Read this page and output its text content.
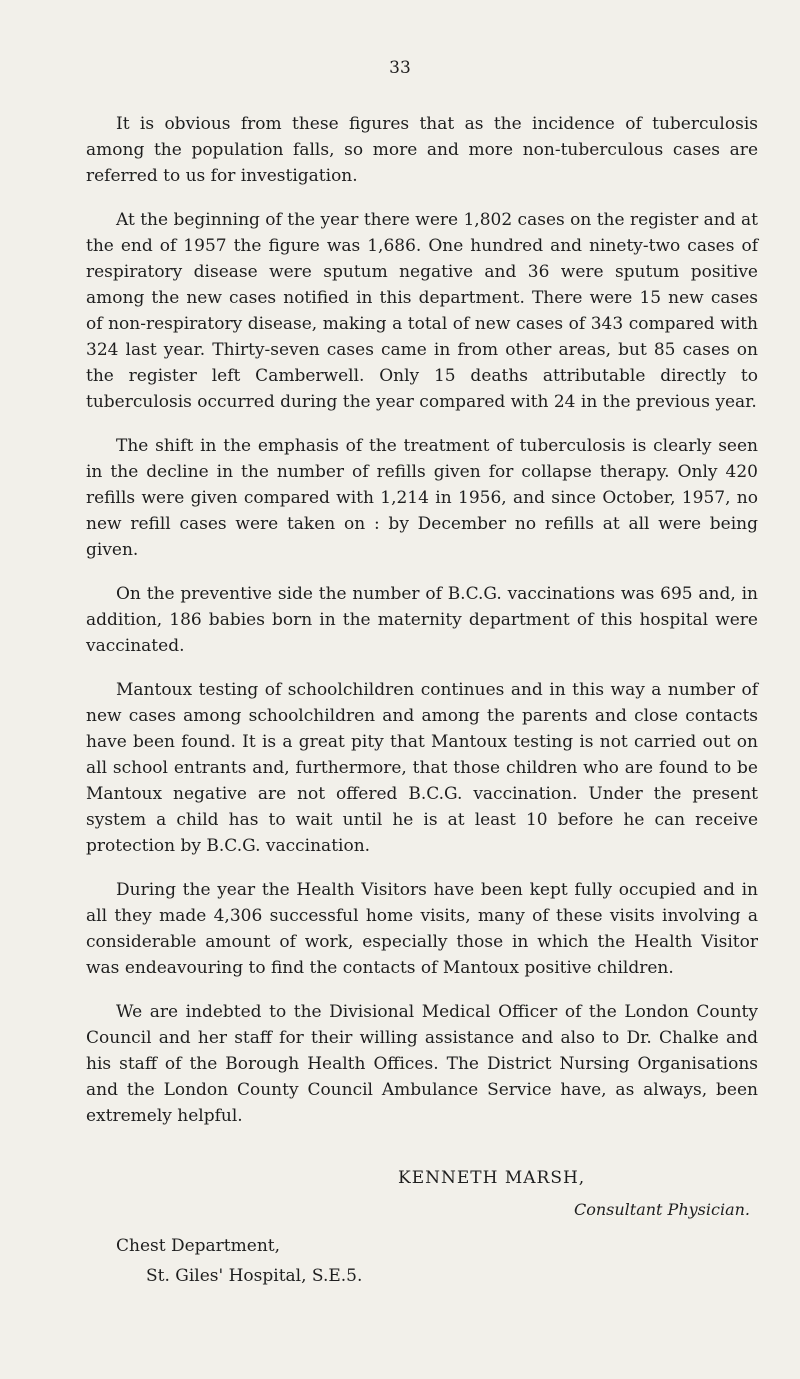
33

It is obvious from these figures that as the incidence of tuberculosis among the population falls, so more and more non-tuberculous cases are referred to us for investigation.

At the beginning of the year there were 1,802 cases on the register and at the end of 1957 the figure was 1,686. One hundred and ninety-two cases of respiratory disease were sputum negative and 36 were sputum positive among the new cases notified in this department. There were 15 new cases of non-respiratory disease, making a total of new cases of 343 compared with 324 last year. Thirty-seven cases came in from other areas, but 85 cases on the register left Camberwell. Only 15 deaths attributable directly to tuberculosis occurred during the year compared with 24 in the previous year.

The shift in the emphasis of the treatment of tuberculosis is clearly seen in the decline in the number of refills given for collapse therapy. Only 420 refills were given compared with 1,214 in 1956, and since October, 1957, no new refill cases were taken on : by December no refills at all were being given.

On the preventive side the number of B.C.G. vaccinations was 695 and, in addition, 186 babies born in the maternity department of this hospital were vaccinated.

Mantoux testing of schoolchildren continues and in this way a number of new cases among schoolchildren and among the parents and close contacts have been found. It is a great pity that Mantoux testing is not carried out on all school entrants and, furthermore, that those children who are found to be Mantoux negative are not offered B.C.G. vaccination. Under the present system a child has to wait until he is at least 10 before he can receive protection by B.C.G. vaccination.

During the year the Health Visitors have been kept fully occupied and in all they made 4,306 successful home visits, many of these visits involving a considerable amount of work, especially those in which the Health Visitor was endeavouring to find the contacts of Mantoux positive children.

We are indebted to the Divisional Medical Officer of the London County Council and her staff for their willing assistance and also to Dr. Chalke and his staff of the Borough Health Offices. The District Nursing Organisations and the London County Council Ambulance Service have, as always, been extremely helpful.

KENNETH MARSH,
Consultant Physician.
Chest Department,
St. Giles' Hospital, S.E.5.
